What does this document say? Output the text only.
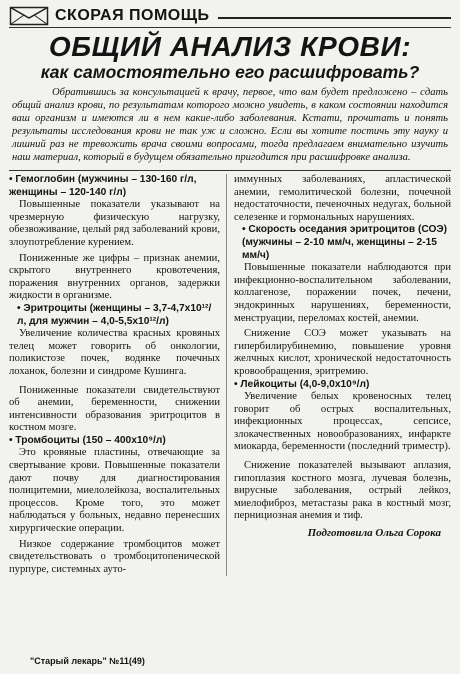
СКОРАЯ ПОМОЩЬ
ОБЩИЙ АНАЛИЗ КРОВИ:
как самостоятельно его расшифровать?

Обратившись за консультацией к врачу, первое, что вам будет предложено – сдать общий анализ крови, по результатам которого можно увидеть, в каком состоянии находится ваш организм и имеются ли в нем какие-либо заболевания. Кстати, прочитать и понять результаты исследования крови не так уж и сложно. Если вы хотите постичь эту науку и лишний раз не тревожить врача своими вопросами, тогда предлагаем внимательно изучить наш материал, который в будущем обязательно пригодится при расшифровке анализа.

• Гемоглобин (мужчины – 130-160 г/л, женщины – 120-140 г/л)

Повышенные показатели указывают на чрезмерную физическую нагрузку, обезвоживание, целый ряд заболеваний крови, злоупотребление курением.

Пониженные же цифры – признак анемии, скрытого внутреннего кровотечения, поражения внутренних органов, задержки жидкости в организме.

• Эритроциты (женщины – 3,7-4,7х10¹²/л, для мужчин – 4,0-5,5х10¹²/л)

Увеличение количества красных кровяных телец может говорить об онкологии, поликистозе почек, водянке почечных лоханок, болезни и синдроме Кушинга.

Пониженные показатели свидетельствуют об анемии, беременности, снижении интенсивности образования эритроцитов в костном мозге.

• Тромбоциты (150 – 400х10⁹/л)

Это кровяные пластины, отвечающие за свертывание крови. Повышенные показатели дают почву для диагностирования полицитемии, миелолейкоза, воспалительных процессов. Кроме того, это может наблюдаться у больных, недавно перенесших хирургические операции.

Низкое содержание тромбоцитов может свидетельствовать о тромбоцитопенической пурпуре, системных ауто-

иммунных заболеваниях, апластической анемии, гемолитической болезни, почечной недостаточности, печеночных недугах, больной селезенке и гормональных нарушениях.

• Скорость оседания эритроцитов (СОЭ) (мужчины – 2-10 мм/ч, женщины – 2-15 мм/ч)

Повышенные показатели наблюдаются при инфекционно-воспалительном заболевании, коллагенозе, поражении почек, печени, эндокринных нарушениях, беременности, менструации, переломах костей, анемии.

Снижение СОЭ может указывать на гипербилирубинемию, повышение уровня желчных кислот, хронической недостаточность кровообращения, эритремию.

• Лейкоциты (4,0-9,0х10⁹/л)

Увеличение белых кровеносных телец говорит об острых воспалительных, инфекционных процессах, сепсисе, злокачественных новообразованиях, инфаркте миокарда, беременности (последний триместр).

Снижение показателей вызывают аплазия, гипоплазия костного мозга, лучевая болезнь, вирусные заболевания, острый лейкоз, миелофиброз, метастазы рака в костный мозг, пернициозная анемия и тиф.

Подготовила Ольга Сорока
"Старый лекарь" №11(49)
